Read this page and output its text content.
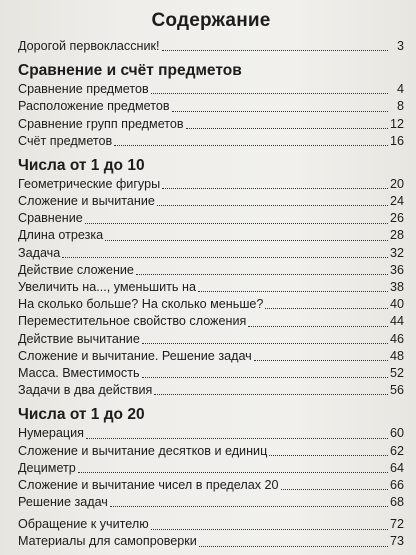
Содержание
Дорогой первоклассник!	3
Сравнение и счёт предметов
Сравнение предметов	4
Расположение предметов	8
Сравнение групп предметов	12
Счёт предметов	16
Числа от 1 до 10
Геометрические фигуры	20
Сложение и вычитание	24
Сравнение	26
Длина отрезка	28
Задача	32
Действие сложение	36
Увеличить на..., уменьшить на	38
На сколько больше? На сколько меньше?	40
Переместительное свойство сложения	44
Действие вычитание	46
Сложение и вычитание. Решение задач	48
Масса. Вместимость	52
Задачи в два действия	56
Числа от 1 до 20
Нумерация	60
Сложение и вычитание десятков и единиц	62
Дециметр	64
Сложение и вычитание чисел в пределах 20	66
Решение задач	68
Обращение к учителю	72
Материалы для самопроверки	73
